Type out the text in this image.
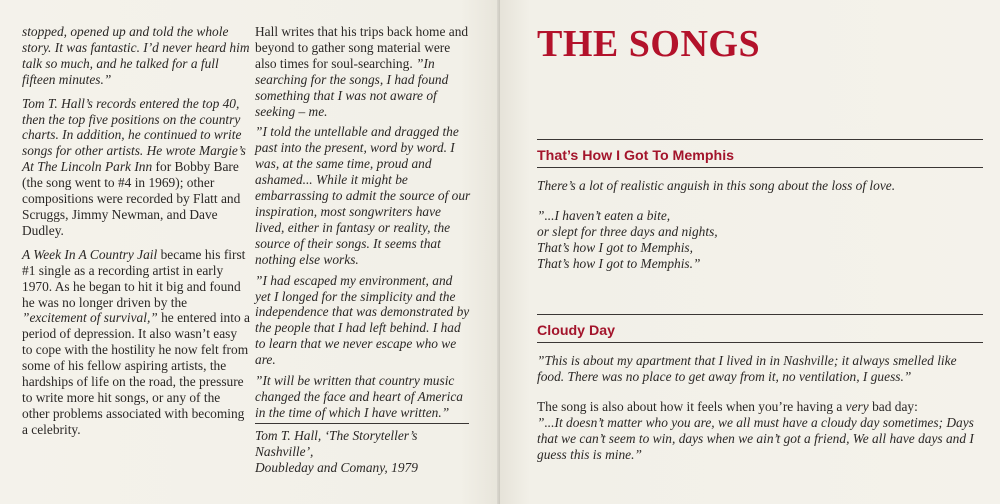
stopped, opened up and told the whole story. It was fantastic. I’d never heard him talk so much, and he talked for a full fifteen minutes.”

Tom T. Hall’s records entered the top 40, then the top five positions on the country charts. In addition, he continued to write songs for other artists. He wrote Margie’s At The Lincoln Park Inn for Bobby Bare (the song went to #4 in 1969); other compositions were recorded by Flatt and Scruggs, Jimmy Newman, and Dave Dudley.

A Week In A Country Jail became his first #1 single as a recording artist in early 1970. As he began to hit it big and found he was no longer driven by the ”excitement of survival,” he entered into a period of depression. It also wasn’t easy to cope with the hostility he now felt from some of his fellow aspiring artists, the hardships of life on the road, the pressure to write more hit songs, or any of the other problems associated with becoming a celebrity.

Hall writes that his trips back home and beyond to gather song material were also times for soul-searching. ”In searching for the songs, I had found something that I was not aware of seeking – me.

”I told the untellable and dragged the past into the present, word by word. I was, at the same time, proud and ashamed... While it might be embarrassing to admit the source of our inspiration, most songwriters have lived, either in fantasy or reality, the source of their songs. It seems that nothing else works.

”I had escaped my environment, and yet I longed for the simplicity and the independence that was demonstrated by the people that I had left behind. I had to learn that we never escape who we are.

”It will be written that country music changed the face and heart of America in the time of which I have written.”

Tom T. Hall, ‘The Storyteller’s Nashville’,
Doubleday and Comany, 1979

THE SONGS
That’s How I Got To Memphis

There’s a lot of realistic anguish in this song about the loss of love.

”...I haven’t eaten a bite,
or slept for three days and nights,
That’s how I got to Memphis,
That’s how I got to Memphis.”

Cloudy Day

”This is about my apartment that I lived in in Nashville; it always smelled like food. There was no place to get away from it, no ventilation, I guess.”

The song is also about how it feels when you’re having a very bad day:

”...It doesn’t matter who you are, we all must have a cloudy day sometimes; Days that we can’t seem to win, days when we ain’t got a friend, We all have days and I guess this is mine.”
